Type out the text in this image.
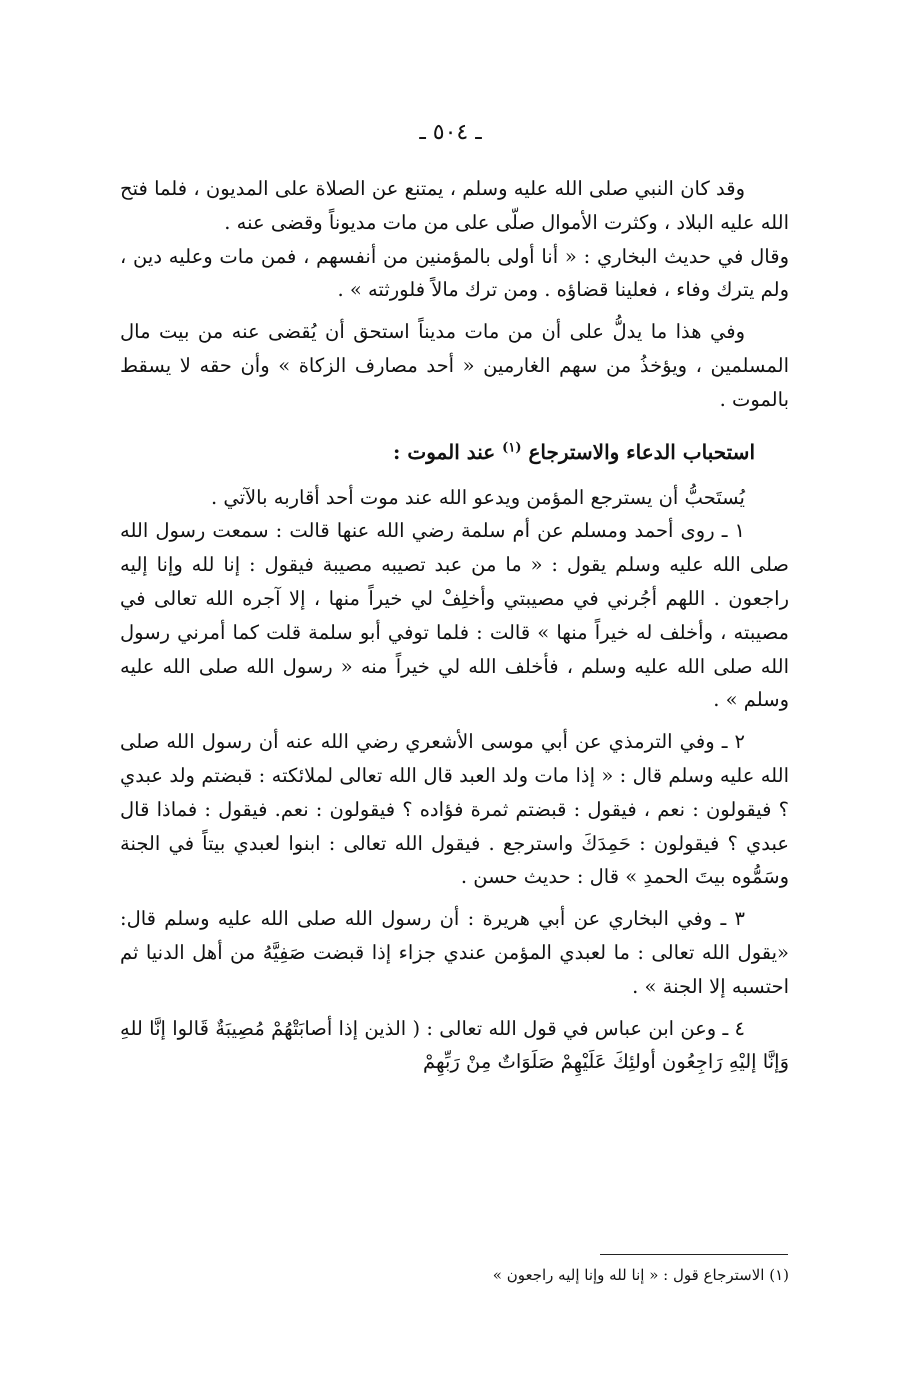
ـ ٥٠٤ ـ

وقد كان النبي صلى الله عليه وسلم ، يمتنع عن الصلاة على المديون ، فلما فتح الله عليه البلاد ، وكثرت الأموال صلّى على من مات مديوناً وقضى عنه .

وقال في حديث البخاري : « أنا أولى بالمؤمنين من أنفسهم ، فمن مات وعليه دين ، ولم يترك وفاء ، فعلينا قضاؤه . ومن ترك مالاً فلورثته » .

وفي هذا ما يدلُّ على أن من مات مديناً استحق أن يُقضى عنه من بيت مال المسلمين ، ويؤخذُ من سهم الغارمين « أحد مصارف الزكاة » وأن حقه لا يسقط بالموت .

استحباب الدعاء والاسترجاع $^{(١)}$ عند الموت :

يُستَحبُّ أن يسترجع المؤمن ويدعو الله عند موت أحد أقاربه بالآتي .

١ ـ روى أحمد ومسلم عن أم سلمة رضي الله عنها قالت : سمعت رسول الله صلى الله عليه وسلم يقول : « ما من عبد تصيبه مصيبة فيقول : إنا لله وإنا إليه راجعون . اللهم أجُرني في مصيبتي وأخلِفْ لي خيراً منها ، إلا آجره الله تعالى في مصيبته ، وأخلف له خيراً منها » قالت : فلما توفي أبو سلمة قلت كما أمرني رسول الله صلى الله عليه وسلم ، فأخلف الله لي خيراً منه « رسول الله صلى الله عليه وسلم » .

٢ ـ وفي الترمذي عن أبي موسى الأشعري رضي الله عنه أن رسول الله صلى الله عليه وسلم قال : « إذا مات ولد العبد قال الله تعالى لملائكته : قبضتم ولد عبدي ؟ فيقولون : نعم ، فيقول : قبضتم ثمرة فؤاده ؟ فيقولون : نعم. فيقول : فماذا قال عبدي ؟ فيقولون : حَمِدَكَ واسترجع . فيقول الله تعالى : ابنوا لعبدي بيتاً في الجنة وسَمُّوه بيتَ الحمدِ » قال : حديث حسن .

٣ ـ وفي البخاري عن أبي هريرة : أن رسول الله صلى الله عليه وسلم قال: «يقول الله تعالى : ما لعبدي المؤمن عندي جزاء إذا قبضت صَفِيَّهُ من أهل الدنيا ثم احتسبه إلا الجنة » .

٤ ـ وعن ابن عباس في قول الله تعالى : ( الذين إذا أصابَتْهُمْ مُصِيبَةٌ قَالوا إنَّا للهِ وَإنَّا إليْهِ رَاجِعُون أولئِكَ عَلَيْهِمْ صَلَوَاتٌ مِنْ رَبِّهِمْ

(١) الاسترجاع قول : « إنا لله وإنا إليه راجعون »
